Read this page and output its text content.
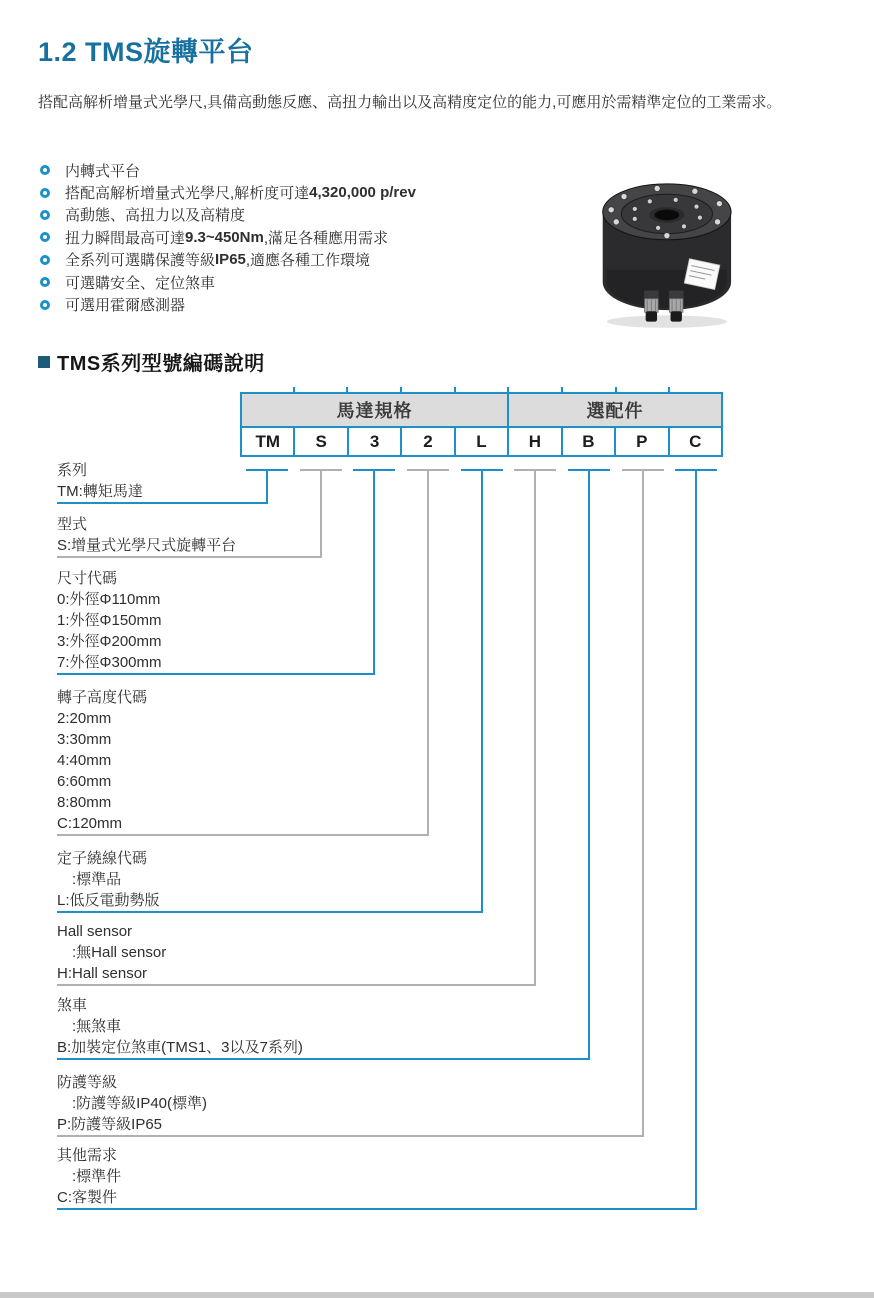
1.2 TMS旋轉平台
搭配高解析增量式光學尺,具備高動態反應、高扭力輸出以及高精度定位的能力,可應用於需精準定位的工業需求。
内轉式平台
搭配高解析增量式光學尺,解析度可達 4,320,000 p/rev
高動態、高扭力以及高精度
扭力瞬間最高可達 9.3~450Nm ,滿足各種應用需求
全系列可選購保護等級 IP65 ,適應各種工作環境
可選購安全、定位煞車
可選用霍爾感測器
TMS系列型號編碼說明
馬達規格	選配件
TM	S	3	2	L	H	B	P	C
系列
TM:轉矩馬達
型式
S:增量式光學尺式旋轉平台
尺寸代碼
0:外徑Φ110mm
1:外徑Φ150mm
3:外徑Φ200mm
7:外徑Φ300mm
轉子高度代碼
2:20mm
3:30mm
4:40mm
6:60mm
8:80mm
C:120mm
定子繞線代碼
　:標準品
L:低反電動勢版
Hall sensor
　:無Hall sensor
H:Hall sensor
煞車
　:無煞車
B:加裝定位煞車(TMS1、3以及7系列)
防護等級
　:防護等級IP40(標準)
P:防護等級IP65
其他需求
　:標準件
C:客製件
